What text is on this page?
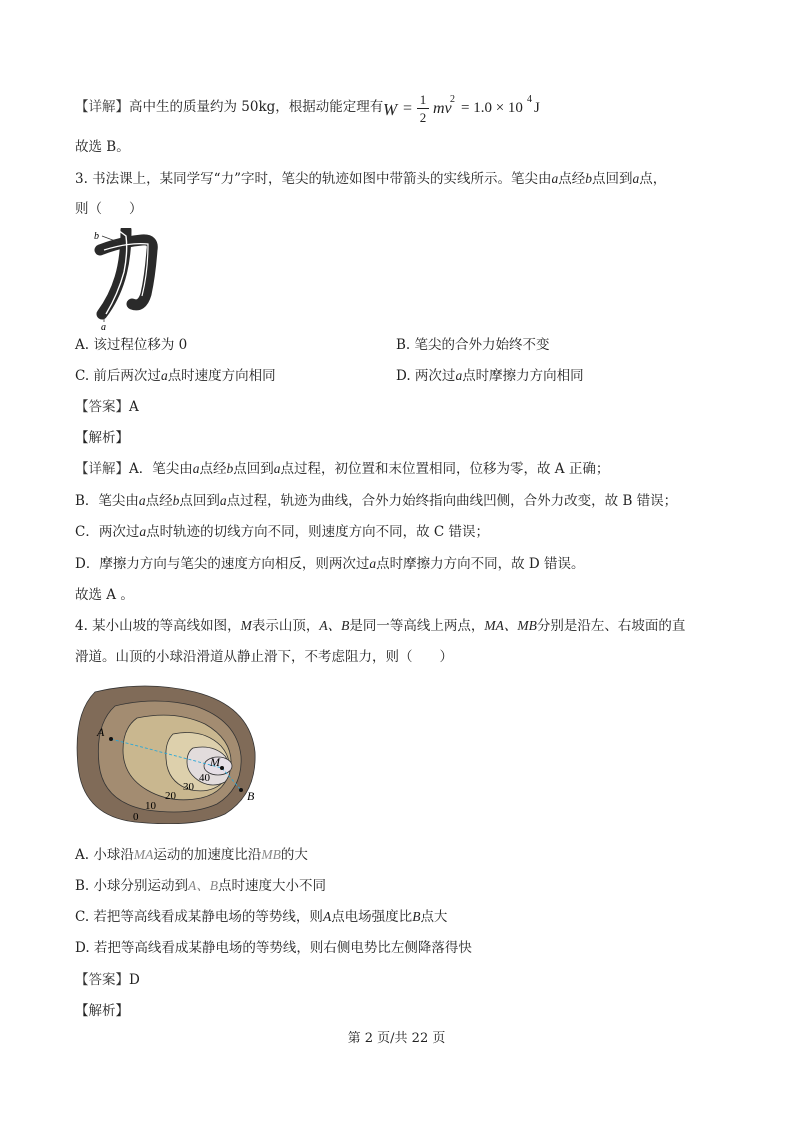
【详解】高中生的质量约为 50kg，根据动能定理有 W =
1
2
mv
2
= 1.0 × 10
4
J
故选 B。
3. 书法课上，某同学写“力”字时，笔尖的轨迹如图中带箭头的实线所示。笔尖由a点经b点回到a点，
则（　　）
b
a
A. 该过程位移为 0	B. 笔尖的合外力始终不变
C. 前后两次过a点时速度方向相同	D. 两次过a点时摩擦力方向相同
【答案】A
【解析】
【详解】A．笔尖由a点经b点回到a点过程，初位置和末位置相同，位移为零，故 A 正确；
B．笔尖由a点经b点回到a点过程，轨迹为曲线，合外力始终指向曲线凹侧，合外力改变，故 B 错误；
C．两次过a点时轨迹的切线方向不同，则速度方向不同，故 C 错误；
D．摩擦力方向与笔尖的速度方向相反，则两次过a点时摩擦力方向不同，故 D 错误。
故选 A 。
4. 某小山坡的等高线如图，M表示山顶，A、B是同一等高线上两点，MA、MB分别是沿左、右坡面的直
滑道。山顶的小球沿滑道从静止滑下，不考虑阻力，则（　　）
A
B
M
40
30
20
10
0
A. 小球沿MA运动的加速度比沿MB的大
B. 小球分别运动到A、B点时速度大小不同
C. 若把等高线看成某静电场的等势线，则A点电场强度比B点大
D. 若把等高线看成某静电场的等势线，则右侧电势比左侧降落得快
【答案】D
【解析】
第 2 页/共 22 页
